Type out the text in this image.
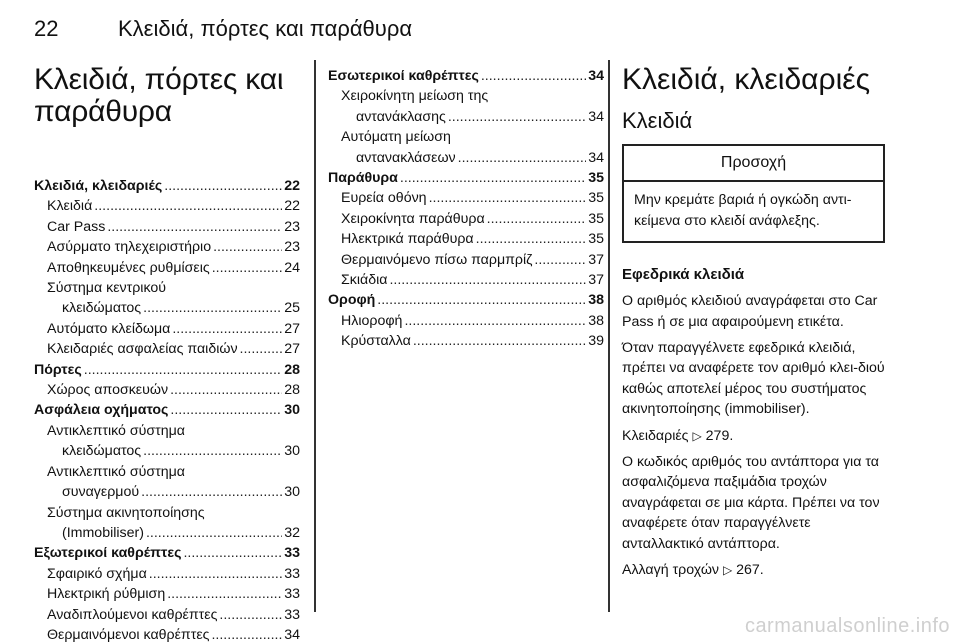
22	Κλειδιά, πόρτες και παράθυρα
Κλειδιά, πόρτες και
παράθυρα
Κλειδιά, κλειδαριές .....	22
Κλειδιά .....	22
Car Pass .....	23
Ασύρματο τηλεχειριστήριο .....	23
Αποθηκευμένες ρυθμίσεις .....	24
Σύστημα κεντρικού
κλειδώματος .....	25
Αυτόματο κλείδωμα .....	27
Κλειδαριές ασφαλείας παιδιών .....	27
Πόρτες .....	28
Χώρος αποσκευών .....	28
Ασφάλεια οχήματος .....	30
Αντικλεπτικό σύστημα
κλειδώματος .....	30
Αντικλεπτικό σύστημα
συναγερμού .....	30
Σύστημα ακινητοποίησης
(Immobiliser) .....	32
Εξωτερικοί καθρέπτες .....	33
Σφαιρικό σχήμα .....	33
Ηλεκτρική ρύθμιση .....	33
Αναδιπλούμενοι καθρέπτες .....	33
Θερμαινόμενοι καθρέπτες .....	34
Εσωτερικοί καθρέπτες .....	34
Χειροκίνητη μείωση της
αντανάκλασης .....	34
Αυτόματη μείωση
αντανακλάσεων .....	34
Παράθυρα .....	35
Ευρεία οθόνη .....	35
Χειροκίνητα παράθυρα .....	35
Ηλεκτρικά παράθυρα .....	35
Θερμαινόμενο πίσω παρμπρίζ .....	37
Σκιάδια .....	37
Οροφή .....	38
Ηλιοροφή .....	38
Κρύσταλλα .....	39
Κλειδιά, κλειδαριές
Κλειδιά
Προσοχή
Μην κρεμάτε βαριά ή ογκώδη αντι-κείμενα στο κλειδί ανάφλεξης.
Εφεδρικά κλειδιά
Ο αριθμός κλειδιού αναγράφεται στο Car Pass ή σε μια αφαιρούμενη ετικέτα.
Όταν παραγγέλνετε εφεδρικά κλειδιά, πρέπει να αναφέρετε τον αριθμό κλει-διού καθώς αποτελεί μέρος του συστήματος ακινητοποίησης (immobiliser).
Κλειδαριές ▷ 279.
Ο κωδικός αριθμός του αντάπτορα για τα ασφαλιζόμενα παξιμάδια τροχών αναγράφεται σε μια κάρτα. Πρέπει να τον αναφέρετε όταν παραγγέλνετε ανταλλακτικό αντάπτορα.
Αλλαγή τροχών ▷ 267.
carmanualsonline.info
